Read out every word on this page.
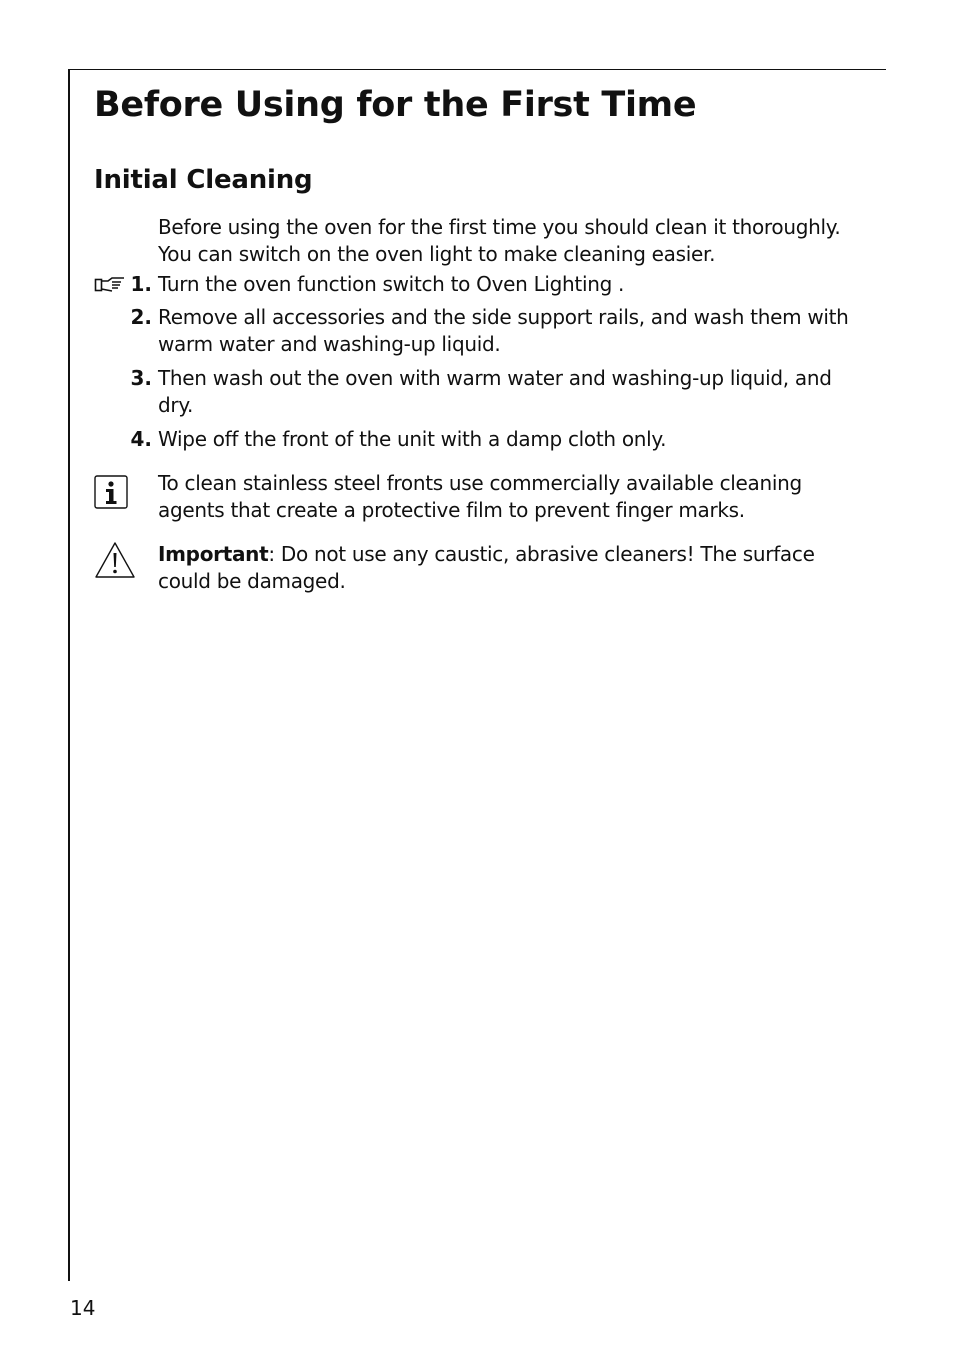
Before Using for the First Time
Initial Cleaning

Before using the oven for the first time you should clean it thoroughly. You can switch on the oven light to make cleaning easier.

1. Turn the oven function switch to Oven Lighting .

2. Remove all accessories and the side support rails, and wash them with warm water and washing-up liquid.

3. Then wash out the oven with warm water and washing-up liquid, and dry.

4. Wipe off the front of the unit with a damp cloth only.

To clean stainless steel fronts use commercially available cleaning agents that create a protective film to prevent finger marks.

Important: Do not use any caustic, abrasive cleaners! The surface could be damaged.

14
